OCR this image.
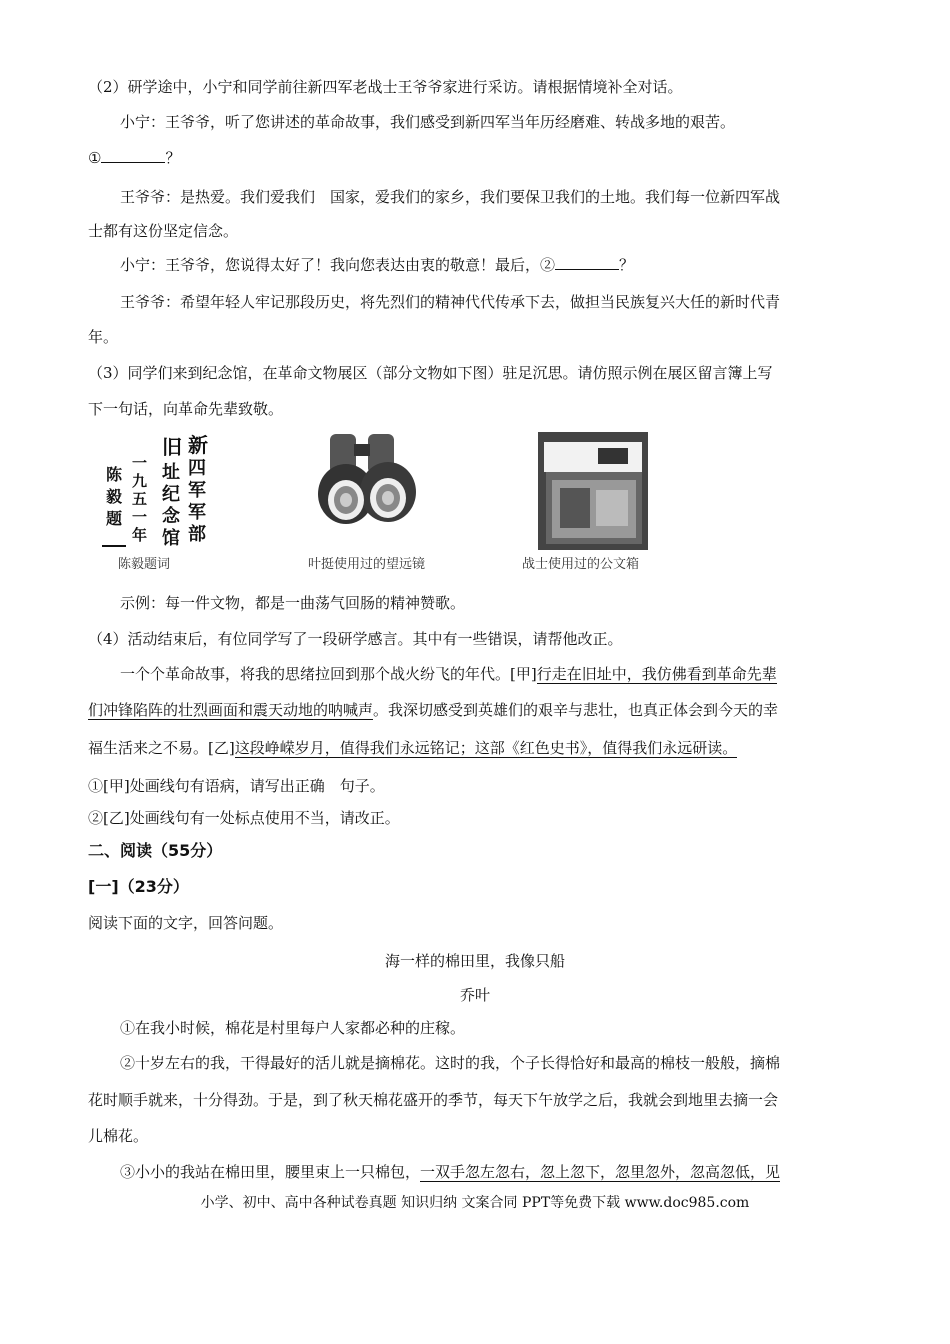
（2）研学途中，小宁和同学前往新四军老战士王爷爷家进行采访。请根据情境补全对话。
小宁：王爷爷，听了您讲述的革命故事，我们感受到新四军当年历经磨难、转战多地的艰苦。
①	？
王爷爷：是热爱。我们爱我们　国家，爱我们的家乡，我们要保卫我们的土地。我们每一位新四军战
士都有这份坚定信念。
小宁：王爷爷，您说得太好了！我向您表达由衷的敬意！最后，②	？
王爷爷：希望年轻人牢记那段历史，将先烈们的精神代代传承下去，做担当民族复兴大任的新时代青
年。
（3）同学们来到纪念馆，在革命文物展区（部分文物如下图）驻足沉思。请仿照示例在展区留言簿上写
下一句话，向革命先辈致敬。
新
四
军
军
部
旧
址
纪
念
馆
一
九
五
一
年
陈
毅
题
陈毅题词	叶挺使用过的望远镜	战士使用过的公文箱
示例：每一件文物，都是一曲荡气回肠的精神赞歌。
（4）活动结束后，有位同学写了一段研学感言。其中有一些错误，请帮他改正。
一个个革命故事，将我的思绪拉回到那个战火纷飞的年代。[甲]行走在旧址中，我仿佛看到革命先辈
们冲锋陷阵的壮烈画面和震天动地的呐喊声。我深切感受到英雄们的艰辛与悲壮，也真正体会到今天的幸
福生活来之不易。[乙]这段峥嵘岁月，值得我们永远铭记；这部《红色史书》，值得我们永远研读。
①[甲]处画线句有语病，请写出正确　句子。
②[乙]处画线句有一处标点使用不当，请改正。
二、阅读（55分）
[一]（23分）
阅读下面的文字，回答问题。
海一样的棉田里，我像只船
乔叶
①在我小时候，棉花是村里每户人家都必种的庄稼。
②十岁左右的我，干得最好的活儿就是摘棉花。这时的我，个子长得恰好和最高的棉枝一般般，摘棉
花时顺手就来，十分得劲。于是，到了秋天棉花盛开的季节，每天下午放学之后，我就会到地里去摘一会
儿棉花。
③小小的我站在棉田里，腰里束上一只棉包，一双手忽左忽右，忽上忽下，忽里忽外，忽高忽低，见
小学、初中、高中各种试卷真题 知识归纳 文案合同 PPT等免费下载 www.doc985.com
